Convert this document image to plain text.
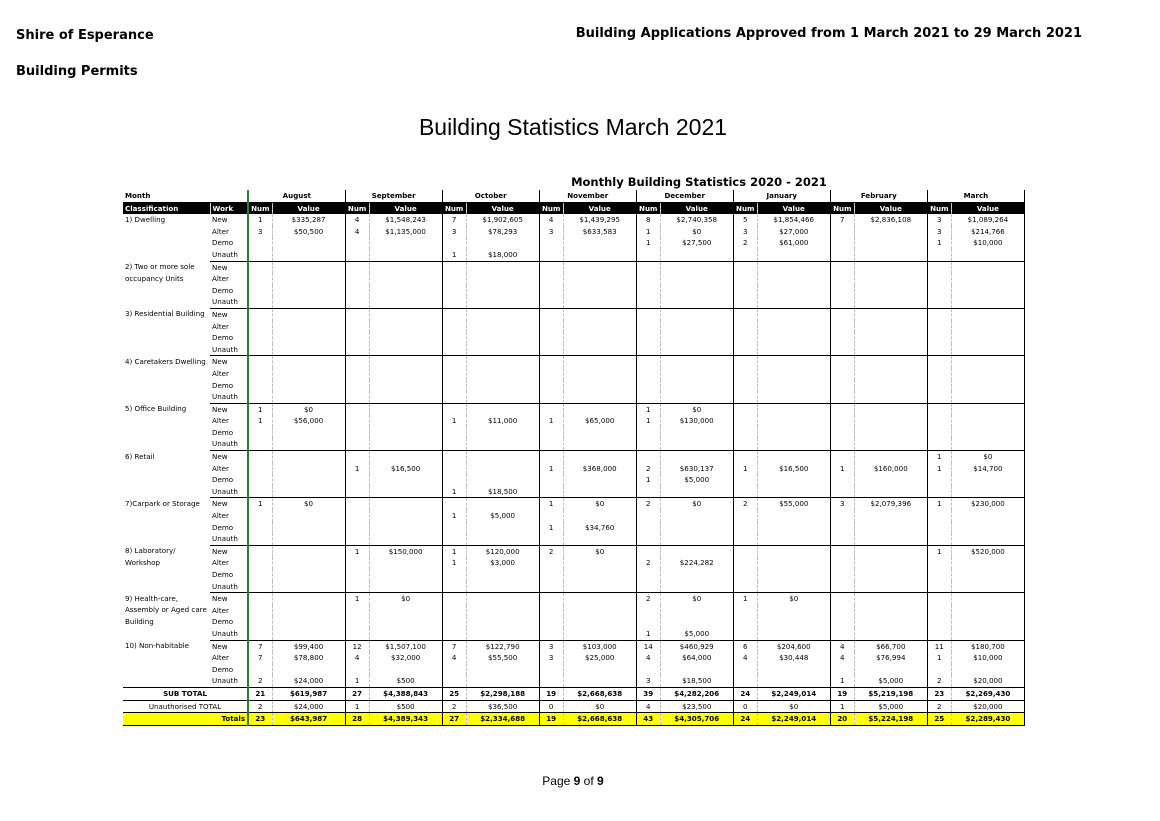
Shire of Esperance
Building Permits
Building Applications Approved from 1 March 2021 to 29 March 2021
Building Statistics March 2021
Monthly Building Statistics 2020 - 2021
Month		August		September		October		November		December		January		February		March	
Classification	Work	Num	Value	Num	Value	Num	Value	Num	Value	Num	Value	Num	Value	Num	Value	Num	Value
1) Dwelling	New	1	$335,287	4	$1,548,243	7	$1,902,605	4	$1,439,295	8	$2,740,358	5	$1,854,466	7	$2,836,108	3	$1,089,264
	Alter	3	$50,500	4	$1,135,000	3	$78,293	3	$633,583	1	$0	3	$27,000			3	$214,766
	Demo									1	$27,500	2	$61,000			1	$10,000
	Unauth					1	$18,000										
2) Two or more sole occupancy Units	New																
	Alter																
	Demo																
	Unauth																
3) Residential Building	New																
	Alter																
	Demo																
	Unauth																
4) Caretakers Dwelling	New																
	Alter																
	Demo																
	Unauth																
5) Office Building	New	1	$0							1	$0						
	Alter	1	$56,000			1	$11,000	1	$65,000	1	$130,000						
	Demo																
	Unauth																
6) Retail	New															1	$0
	Alter			1	$16,500			1	$368,000	2	$630,137	1	$16,500	1	$160,000	1	$14,700
	Demo									1	$5,000						
	Unauth					1	$18,500										
7)Carpark or Storage	New	1	$0					1	$0	2	$0	2	$55,000	3	$2,079,396	1	$230,000
	Alter					1	$5,000										
	Demo							1	$34,760								
	Unauth																
8) Laboratory/ Workshop	New			1	$150,000	1	$120,000	2	$0							1	$520,000
	Alter					1	$3,000			2	$224,282						
	Demo																
	Unauth																
9) Health-care, Assembly or Aged care Building	New			1	$0					2	$0	1	$0				
	Alter																
	Demo																
	Unauth									1	$5,000						
10) Non-habitable	New	7	$99,400	12	$1,507,100	7	$122,790	3	$103,000	14	$460,929	6	$204,600	4	$66,700	11	$180,700
	Alter	7	$78,800	4	$32,000	4	$55,500	3	$25,000	4	$64,000	4	$30,448	4	$76,994	1	$10,000
	Demo																
	Unauth	2	$24,000	1	$500					3	$18,500			1	$5,000	2	$20,000
SUB TOTAL		21	$619,987	27	$4,388,843	25	$2,298,188	19	$2,668,638	39	$4,282,206	24	$2,249,014	19	$5,219,198	23	$2,269,430
Unauthorised TOTAL		2	$24,000	1	$500	2	$36,500	0	$0	4	$23,500	0	$0	1	$5,000	2	$20,000
Totals		23	$643,987	28	$4,389,343	27	$2,334,688	19	$2,668,638	43	$4,305,706	24	$2,249,014	20	$5,224,198	25	$2,289,430
Page 9 of 9
